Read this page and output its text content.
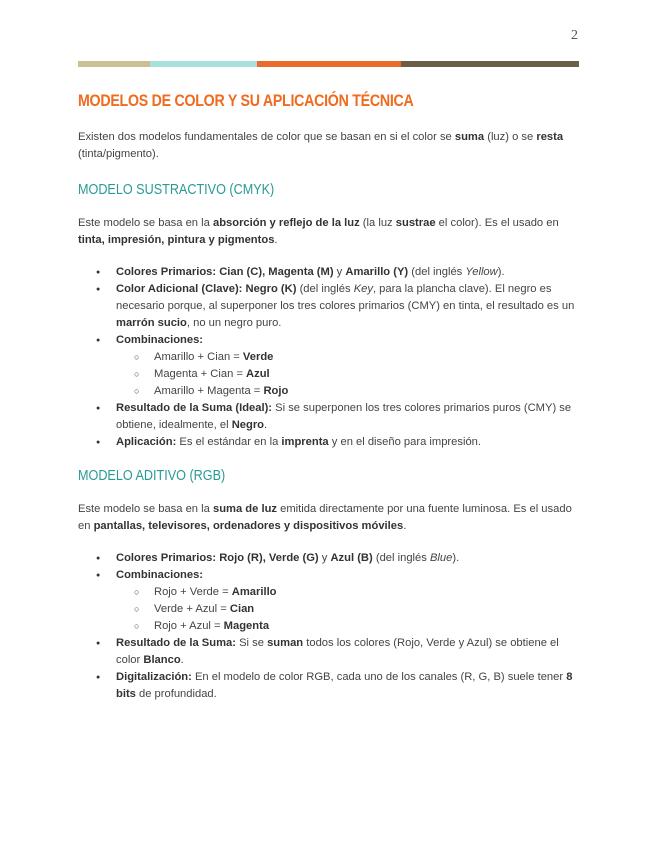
2
MODELOS DE COLOR Y SU APLICACIÓN TÉCNICA

Existen dos modelos fundamentales de color que se basan en si el color se suma (luz) o se resta (tinta/pigmento).

MODELO SUSTRACTIVO (CMYK)

Este modelo se basa en la absorción y reflejo de la luz (la luz sustrae el color). Es el usado en tinta, impresión, pintura y pigmentos.

● Colores Primarios: Cian (C), Magenta (M) y Amarillo (Y) (del inglés Yellow).
● Color Adicional (Clave): Negro (K) (del inglés Key, para la plancha clave). El negro es necesario porque, al superponer los tres colores primarios (CMY) en tinta, el resultado es un marrón sucio, no un negro puro.
● Combinaciones:
○ Amarillo + Cian = Verde
○ Magenta + Cian = Azul
○ Amarillo + Magenta = Rojo
● Resultado de la Suma (Ideal): Si se superponen los tres colores primarios puros (CMY) se obtiene, idealmente, el Negro.
● Aplicación: Es el estándar en la imprenta y en el diseño para impresión.
MODELO ADITIVO (RGB)

Este modelo se basa en la suma de luz emitida directamente por una fuente luminosa. Es el usado en pantallas, televisores, ordenadores y dispositivos móviles.

● Colores Primarios: Rojo (R), Verde (G) y Azul (B) (del inglés Blue).
● Combinaciones:
○ Rojo + Verde = Amarillo
○ Verde + Azul = Cian
○ Rojo + Azul = Magenta
● Resultado de la Suma: Si se suman todos los colores (Rojo, Verde y Azul) se obtiene el color Blanco.
● Digitalización: En el modelo de color RGB, cada uno de los canales (R, G, B) suele tener 8 bits de profundidad.
